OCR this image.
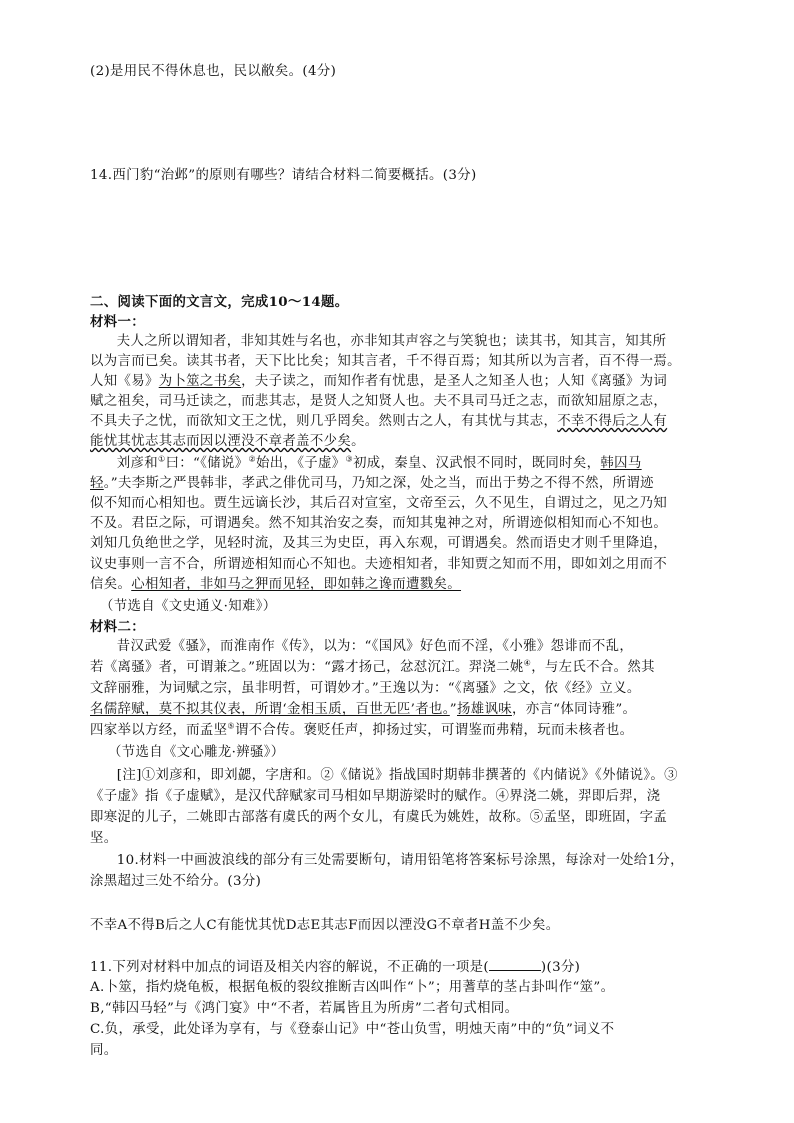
(2)是用民不得休息也，民以敝矣。(4分)
14.西门豹“治邺”的原则有哪些？请结合材料二简要概括。(3分)
二、阅读下面的文言文，完成10～14题。
材料一：
夫人之所以谓知者，非知其姓与名也，亦非知其声容之与笑貌也；读其书，知其言，知其所
以为言而已矣。读其书者，天下比比矣；知其言者，千不得百焉；知其所以为言者，百不得一焉。
人知《易》为卜筮之书矣，夫子读之，而知作者有忧患，是圣人之知圣人也；人知《离骚》为词
赋之祖矣，司马迁读之，而悲其志，是贤人之知贤人也。夫不具司马迁之志，而欲知屈原之志，
不具夫子之忧，而欲知文王之忧，则几乎罔矣。然则古之人，有其忧与其志，不幸不得后之人有
能忧其忧志其志而因以湮没不章者盖不少矣。
刘彦和①曰：“《储说》②始出，《子虚》③初成，秦皇、汉武恨不同时，既同时矣，韩囚马
轻。”夫李斯之严畏韩非，孝武之俳优司马，乃知之深，处之当，而出于势之不得不然，所谓迹
似不知而心相知也。贾生远谪长沙，其后召对宣室，文帝至云，久不见生，自谓过之，见之乃知
不及。君臣之际，可谓遇矣。然不知其治安之奏，而知其鬼神之对，所谓迹似相知而心不知也。
刘知几负绝世之学，见轻时流，及其三为史臣，再入东观，可谓遇矣。然而语史才则千里降追，
议史事则一言不合，所谓迹相知而心不知也。夫迹相知者，非知贾之知而不用，即如刘之用而不
信矣。心相知者，非如马之狎而见轻，即如韩之谗而遭戮矣。
（节选自《文史通义·知难》）
材料二：
昔汉武爱《骚》，而淮南作《传》，以为：“《国风》好色而不淫，《小雅》怨诽而不乱，
若《离骚》者，可谓兼之。”班固以为：“露才扬己，忿怼沉江。羿浇二姚④，与左氏不合。然其
文辞丽雅，为词赋之宗，虽非明哲，可谓妙才。”王逸以为：“《离骚》之文，依《经》立义。
名儒辞赋，莫不拟其仪表，所谓‘金相玉质，百世无匹’者也。”扬雄讽味，亦言“体同诗雅”。
四家举以方经，而孟坚⑤谓不合传。褒贬任声，抑扬过实，可谓鉴而弗精，玩而未核者也。
（节选自《文心雕龙·辨骚》）
[注]①刘彦和，即刘勰，字唐和。②《储说》指战国时期韩非撰著的《内储说》《外储说》。③
《子虚》指《子虚赋》，是汉代辞赋家司马相如早期游梁时的赋作。④界浇二姚，羿即后羿，浇
即寒浞的儿子，二姚即古部落有虞氏的两个女儿，有虞氏为姚姓，故称。⑤孟坚，即班固，字孟
坚。
10.材料一中画波浪线的部分有三处需要断句，请用铅笔将答案标号涂黑，每涂对一处给1分，
涂黑超过三处不给分。(3分)
不幸A不得B后之人C有能忧其忧D志E其志F而因以湮没G不章者H盖不少矣。
11.下列对材料中加点的词语及相关内容的解说，不正确的一项是(	)(3分)
A.卜筮，指灼烧龟板，根据龟板的裂纹推断吉凶叫作“卜”；用蓍草的茎占卦叫作“筮”。
B,“韩囚马轻”与《鸿门宴》中“不者，若属皆且为所虏”二者句式相同。
C.负，承受，此处译为享有，与《登泰山记》中“苍山负雪，明烛天南”中的“负”词义不
同。
